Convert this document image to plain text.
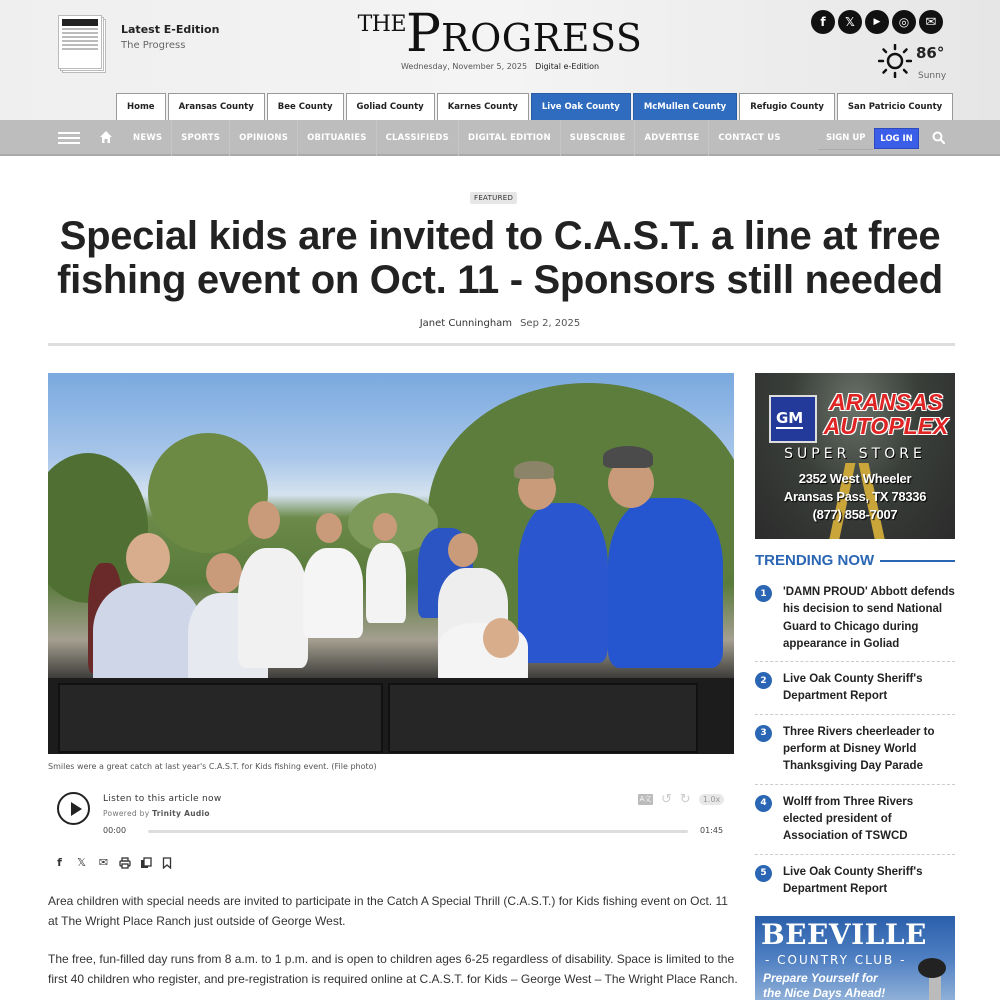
Latest E-Edition
The Progress
THEPROGRESS
Wednesday, November 5, 2025 Digital e-Edition
f	𝕏	▶	◎	✉
86°
Sunny
Home	Aransas County	Bee County	Goliad County	Karnes County	Live Oak County	McMullen County	Refugio County	San Patricio County
NEWS	SPORTS	OPINIONS	OBITUARIES	CLASSIFIEDS	DIGITAL EDITION	SUBSCRIBE	ADVERTISE	CONTACT US	SIGN UP	LOG IN
FEATURED
Special kids are invited to C.A.S.T. a line at free fishing event on Oct. 11 - Sponsors still needed
Janet Cunningham Sep 2, 2025
Smiles were a great catch at last year's C.A.S.T. for Kids fishing event. (File photo)
Listen to this article now
Powered by Trinity Audio
00:00	01:45
A文 ↺ ↻	1.0x
f	𝕏 ✉

Area children with special needs are invited to participate in the Catch A Special Thrill (C.A.S.T.) for Kids fishing event on Oct. 11 at The Wright Place Ranch just outside of George West.

The free, fun-filled day runs from 8 a.m. to 1 p.m. and is open to children ages 6-25 regardless of disability. Space is limited to the first 40 children who register, and pre-registration is required online at C.A.S.T. for Kids – George West – The Wright Place Ranch.

GM
ARANSAS
AUTOPLEX
SUPER STORE
2352 West Wheeler
Aransas Pass, TX 78336
(877) 858-7007
TRENDING NOW
1	'DAMN PROUD' Abbott defends his decision to send National Guard to Chicago during appearance in Goliad
2	Live Oak County Sheriff's Department Report
3	Three Rivers cheerleader to perform at Disney World Thanksgiving Day Parade
4	Wolff from Three Rivers elected president of Association of TSWCD
5	Live Oak County Sheriff's Department Report
BEEVILLE
- COUNTRY CLUB -
Prepare Yourself for
the Nice Days Ahead!
